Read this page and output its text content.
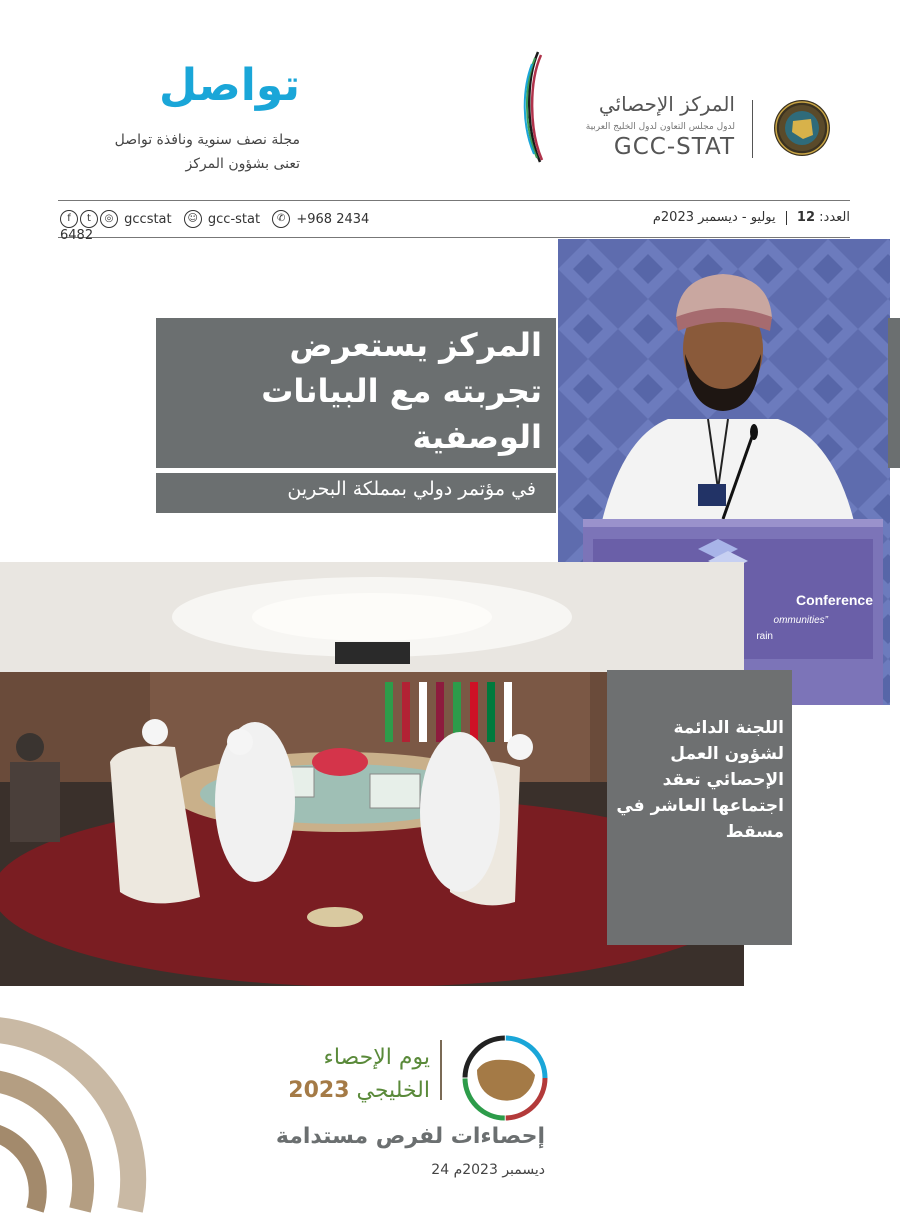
تواصل
مجلة نصف سنوية ونافذة تواصل
تعنى بشؤون المركز
المركز الإحصائي
لدول مجلس التعاون لدول الخليج العربية
GCC-STAT
العدد: 12  يوليو - ديسمبر 2023م
f t ◎ gccstat ☺ gcc-stat ✆ +968 2434 6482
Conference
ommunities”
rain
المركز يستعرض
تجربته مع البيانات
الوصفية
في مؤتمر دولي بمملكة البحرين
اللجنة الدائمة لشؤون العمل الإحصائي تعقد اجتماعها العاشر في مسقط
يوم الإحصاء
2023 الخليجي
إحصاءات لفرص مستدامة
24 ديسمبر 2023م
